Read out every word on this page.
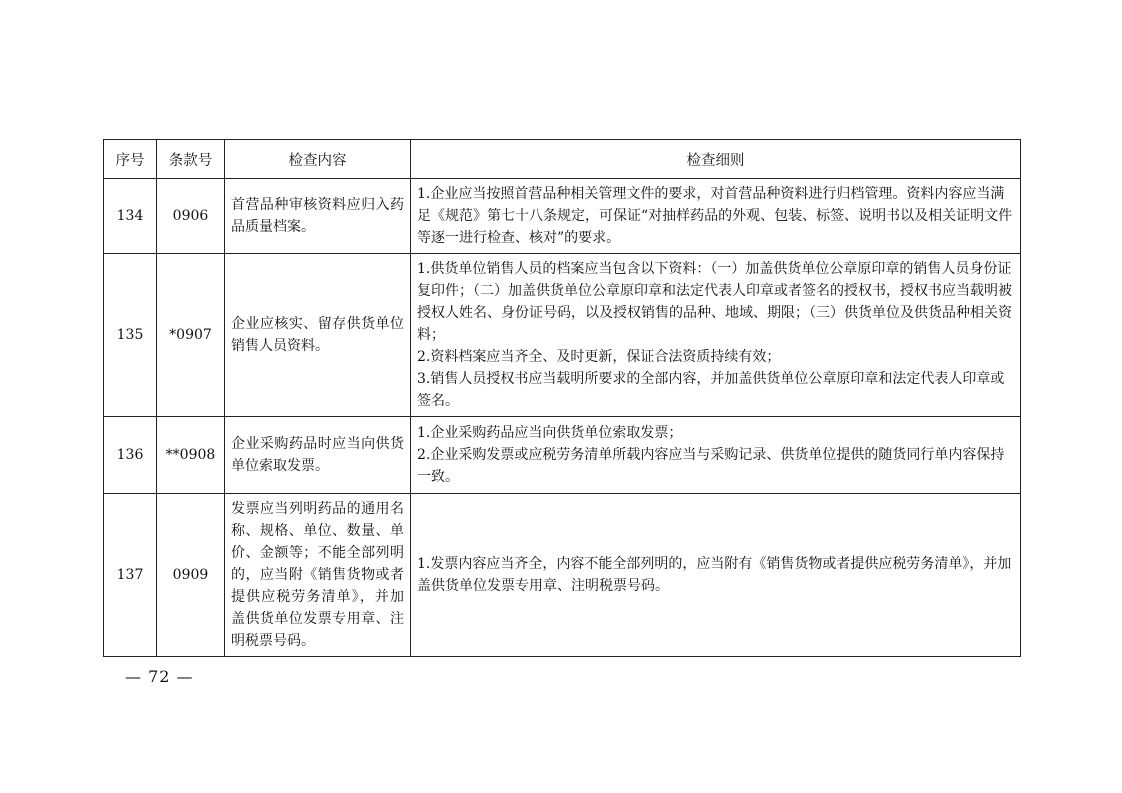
序号	条款号	检查内容	检查细则
134	0906	首营品种审核资料应归入药品质量档案。	1.企业应当按照首营品种相关管理文件的要求，对首营品种资料进行归档管理。资料内容应当满足《规范》第七十八条规定，可保证“对抽样药品的外观、包装、标签、说明书以及相关证明文件等逐一进行检查、核对”的要求。

135	*0907	企业应核实、留存供货单位销售人员资料。	1.供货单位销售人员的档案应当包含以下资料：（一）加盖供货单位公章原印章的销售人员身份证复印件；（二）加盖供货单位公章原印章和法定代表人印章或者签名的授权书，授权书应当载明被授权人姓名、身份证号码，以及授权销售的品种、地域、期限；（三）供货单位及供货品种相关资料；
2.资料档案应当齐全、及时更新，保证合法资质持续有效；
3.销售人员授权书应当载明所要求的全部内容，并加盖供货单位公章原印章和法定代表人印章或签名。

136	**0908	企业采购药品时应当向供货单位索取发票。	1.企业采购药品应当向供货单位索取发票；
2.企业采购发票或应税劳务清单所载内容应当与采购记录、供货单位提供的随货同行单内容保持一致。

137	0909	发票应当列明药品的通用名称、规格、单位、数量、单价、金额等；不能全部列明的，应当附《销售货物或者提供应税劳务清单》，并加盖供货单位发票专用章、注明税票号码。	1.发票内容应当齐全，内容不能全部列明的，应当附有《销售货物或者提供应税劳务清单》，并加盖供货单位发票专用章、注明税票号码。
— 72 —
